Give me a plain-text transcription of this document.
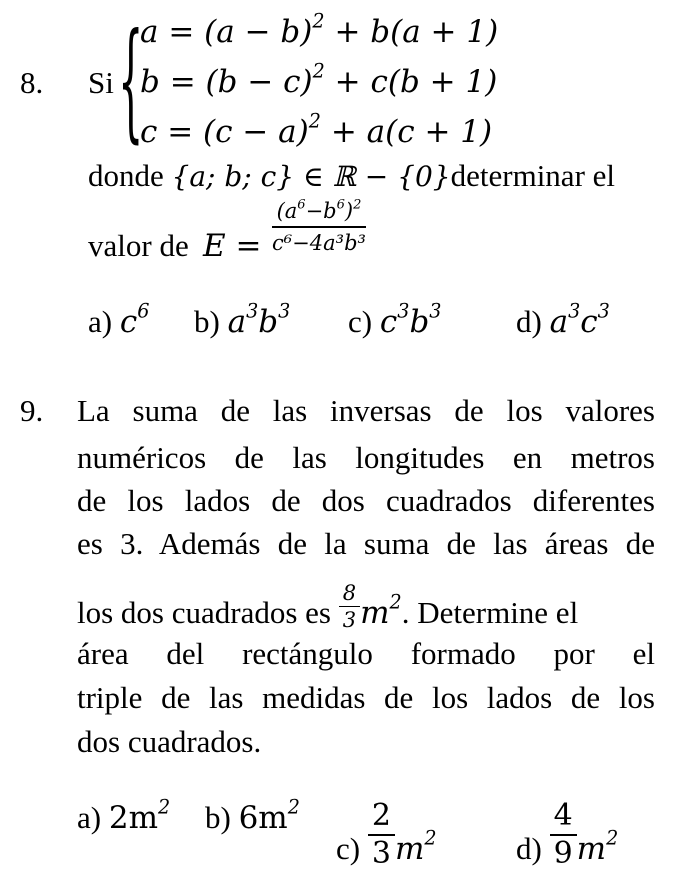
8. Si {
$a = (a - b)^2 + b(a + 1)$
$b = (b - c)^2 + c(b + 1)$
$c = (c - a)^2 + a(c + 1)$
donde {a; b; c} ∈ ℝ − {0}determinar el
valor de $E = \frac{(a^6-b^6)^2}{\text{c⁶−4a³b³}}$
a) $c^6$ b) $a^3b^3$ c) $c^3b^3$ d) $a^3c^3$
9. La suma de las inversas de los valores
numéricos de las longitudes en metros
de los lados de dos cuadrados diferentes
es 3. Además de la suma de las áreas de
los dos cuadrados es $\frac{8}{3} m^2$. Determine el
área del rectángulo formado por el
triple de las medidas de los lados de los
dos cuadrados.
a) $2m^2$ b) $6m^2$
$c) \frac{2}{3} m^2$	$d) \frac{4}{9} m^2$
